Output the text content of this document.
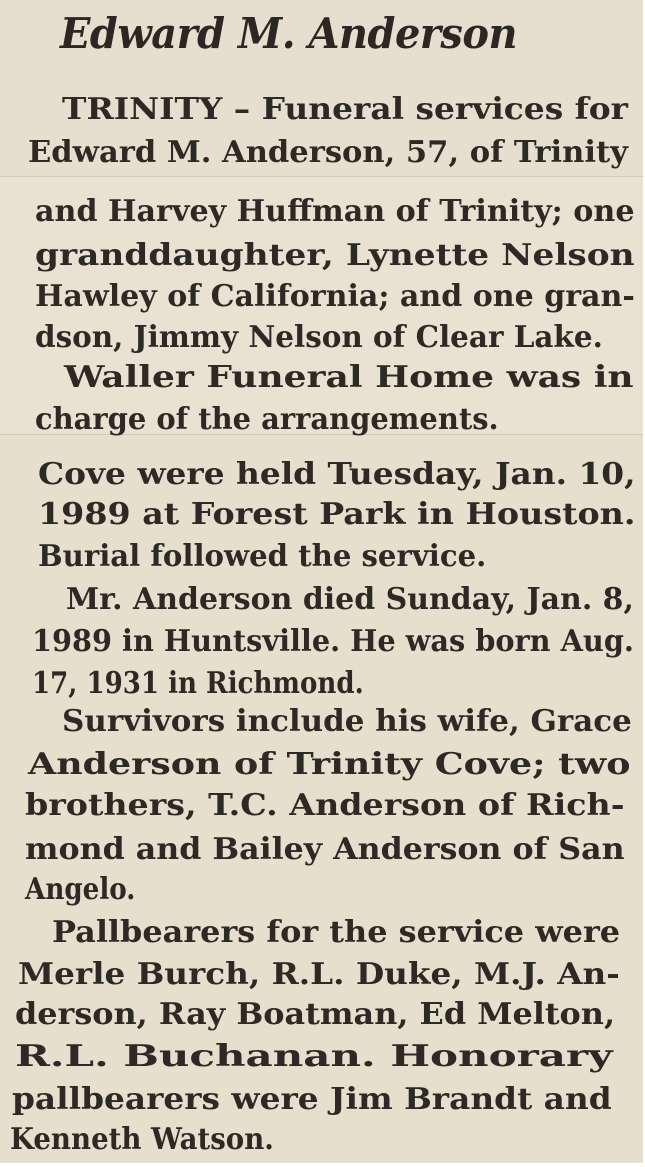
Edward M. Anderson
TRINITY – Funeral services for
Edward M. Anderson, 57, of Trinity
and Harvey Huffman of Trinity; one
granddaughter, Lynette Nelson
Hawley of California; and one gran-
dson, Jimmy Nelson of Clear Lake.
Waller Funeral Home was in
charge of the arrangements.
Cove were held Tuesday, Jan. 10,
1989 at Forest Park in Houston.
Burial followed the service.
Mr. Anderson died Sunday, Jan. 8,
1989 in Huntsville. He was born Aug.
17, 1931 in Richmond.
Survivors include his wife, Grace
Anderson of Trinity Cove; two
brothers, T.C. Anderson of Rich-
mond and Bailey Anderson of San
Angelo.
Pallbearers for the service were
Merle Burch, R.L. Duke, M.J. An-
derson, Ray Boatman, Ed Melton,
R.L. Buchanan. Honorary
pallbearers were Jim Brandt and
Kenneth Watson.
